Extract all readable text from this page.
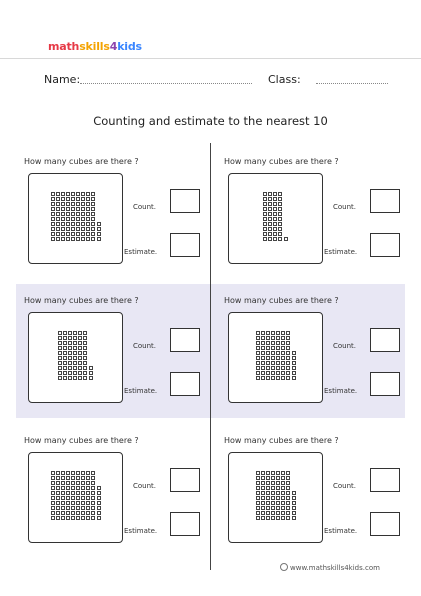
mathskills4kids
Name:	Class:
Counting and estimate to the nearest 10
How many cubes are there ?
Count.
Estimate.
How many cubes are there ?
Count.
Estimate.
How many cubes are there ?
Count.
Estimate.
How many cubes are there ?
Count.
Estimate.
How many cubes are there ?
Count.
Estimate.
How many cubes are there ?
Count.
Estimate.
www.mathskills4kids.com
